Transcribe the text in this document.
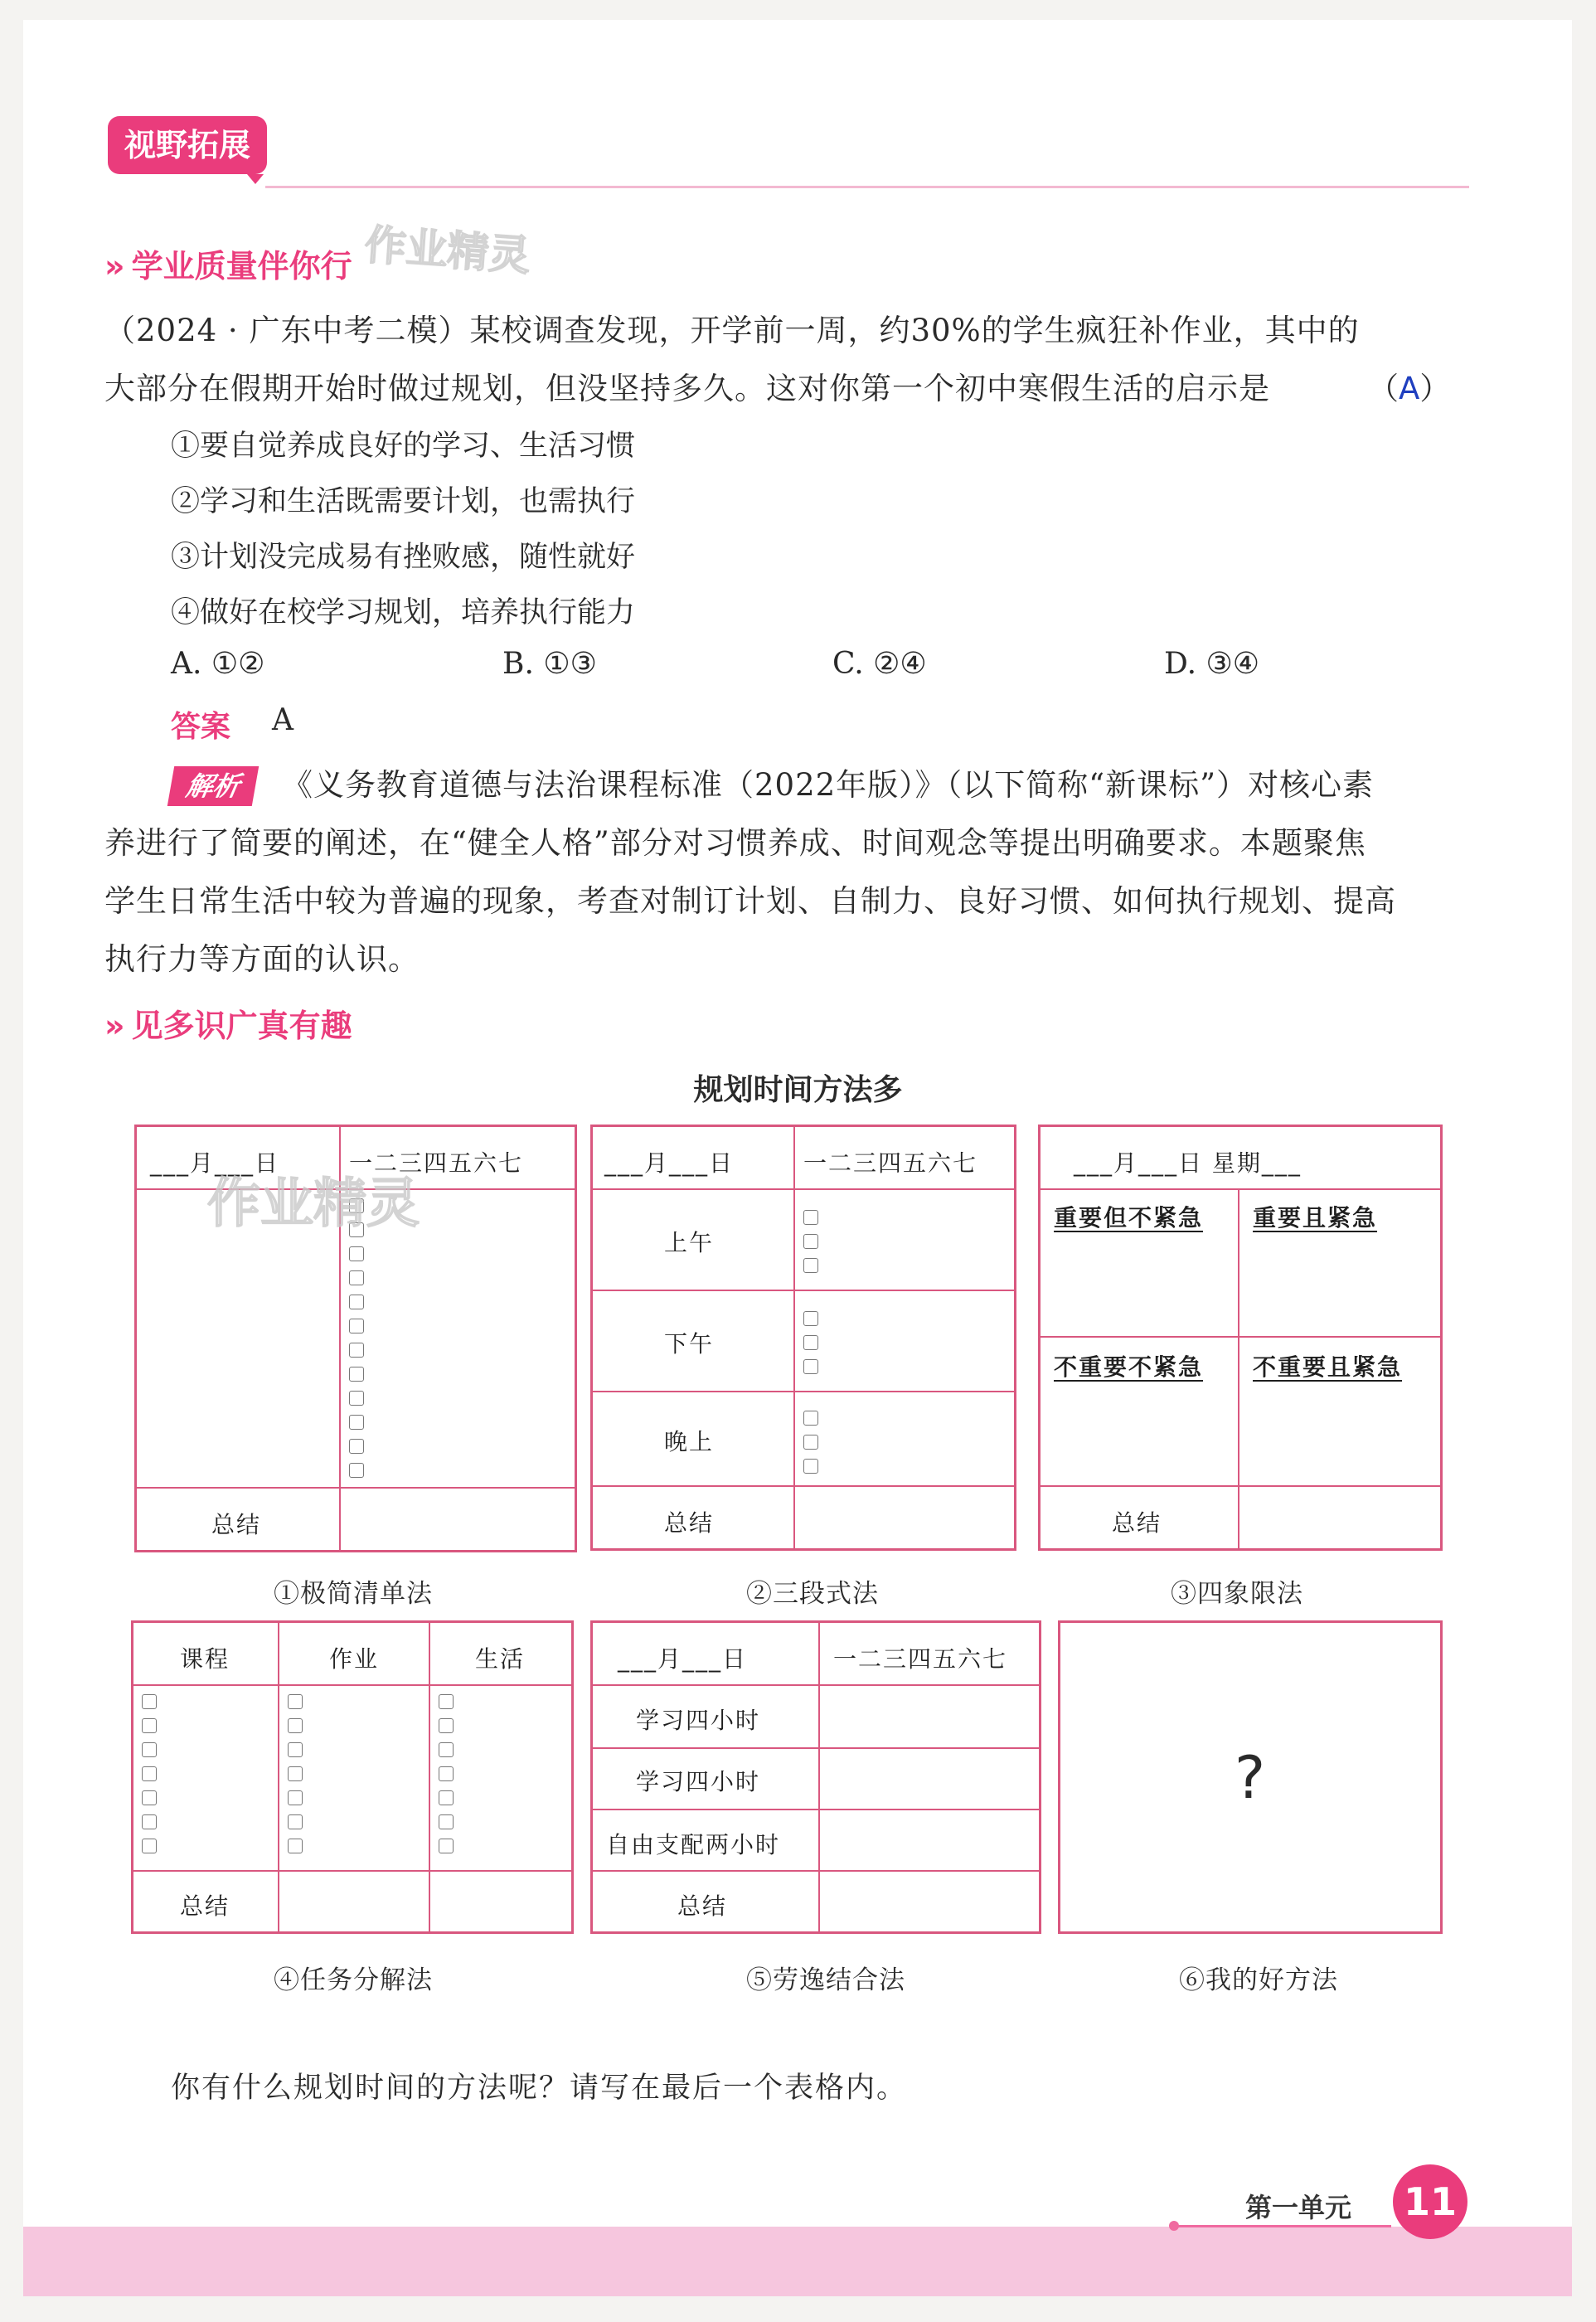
视野拓展
» 学业质量伴你行 作业精灵
（2024 · 广东中考二模）某校调查发现，开学前一周，约30%的学生疯狂补作业，其中的
大部分在假期开始时做过规划，但没坚持多久。这对你第一个初中寒假生活的启示是	（A）
①要自觉养成良好的学习、生活习惯
②学习和生活既需要计划，也需执行
③计划没完成易有挫败感，随性就好
④做好在校学习规划，培养执行能力
A. ①②	B. ①③	C. ②④	D. ③④
答案 A
解析	《义务教育道德与法治课程标准（2022年版）》（以下简称“新课标”）对核心素
养进行了简要的阐述，在“健全人格”部分对习惯养成、时间观念等提出明确要求。本题聚焦
学生日常生活中较为普遍的现象，考查对制订计划、自制力、良好习惯、如何执行规划、提高
执行力等方面的认识。
» 见多识广真有趣
规划时间方法多
___月___日	一二三四五六七
总结
作业精灵
①极简清单法
___月___日	一二三四五六七
上午
下午
晚上
总结
②三段式法
___月___日 星期___
重要但不紧急 重要且紧急
不重要不紧急 不重要且紧急
总结
③四象限法
课程	作业	生活
总结
④任务分解法
___月___日	一二三四五六七
学习四小时
学习四小时
自由支配两小时
总结
⑤劳逸结合法
?
⑥我的好方法
你有什么规划时间的方法呢？请写在最后一个表格内。
第一单元 11
